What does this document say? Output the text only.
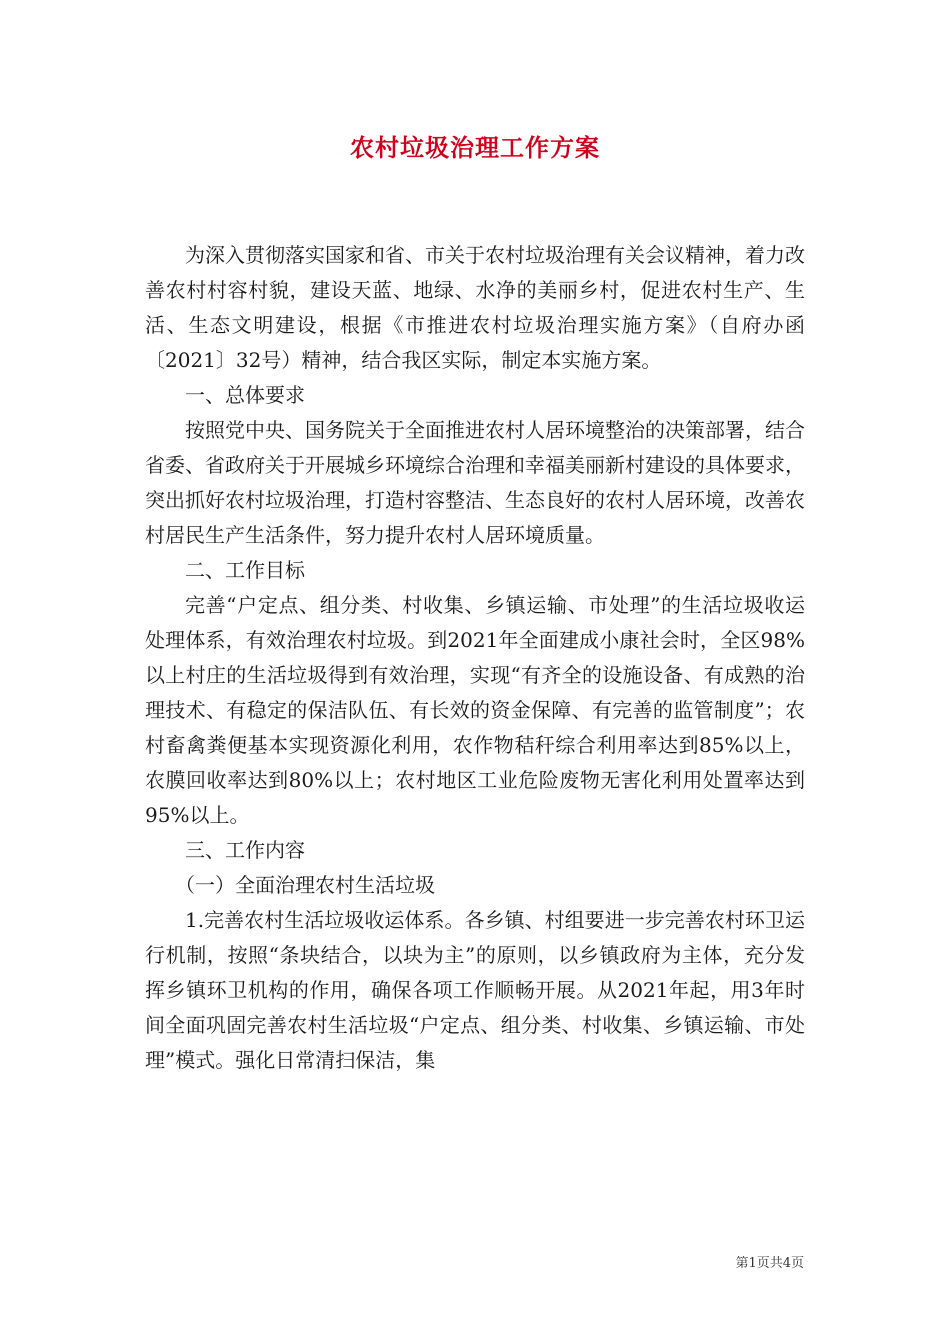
农村垃圾治理工作方案

为深入贯彻落实国家和省、市关于农村垃圾治理有关会议精神，着力改善农村村容村貌，建设天蓝、地绿、水净的美丽乡村，促进农村生产、生活、生态文明建设，根据《市推进农村垃圾治理实施方案》（自府办函〔2021〕32号）精神，结合我区实际，制定本实施方案。

一、总体要求

按照党中央、国务院关于全面推进农村人居环境整治的决策部署，结合省委、省政府关于开展城乡环境综合治理和幸福美丽新村建设的具体要求，突出抓好农村垃圾治理，打造村容整洁、生态良好的农村人居环境，改善农村居民生产生活条件，努力提升农村人居环境质量。

二、工作目标

完善“户定点、组分类、村收集、乡镇运输、市处理”的生活垃圾收运处理体系，有效治理农村垃圾。到2021年全面建成小康社会时，全区98%以上村庄的生活垃圾得到有效治理，实现“有齐全的设施设备、有成熟的治理技术、有稳定的保洁队伍、有长效的资金保障、有完善的监管制度”；农村畜禽粪便基本实现资源化利用，农作物秸秆综合利用率达到85%以上，农膜回收率达到80%以上；农村地区工业危险废物无害化利用处置率达到95%以上。

三、工作内容

（一）全面治理农村生活垃圾

1.完善农村生活垃圾收运体系。各乡镇、村组要进一步完善农村环卫运行机制，按照“条块结合，以块为主”的原则，以乡镇政府为主体，充分发挥乡镇环卫机构的作用，确保各项工作顺畅开展。从2021年起，用3年时间全面巩固完善农村生活垃圾“户定点、组分类、村收集、乡镇运输、市处理”模式。强化日常清扫保洁，集

第1页共4页
